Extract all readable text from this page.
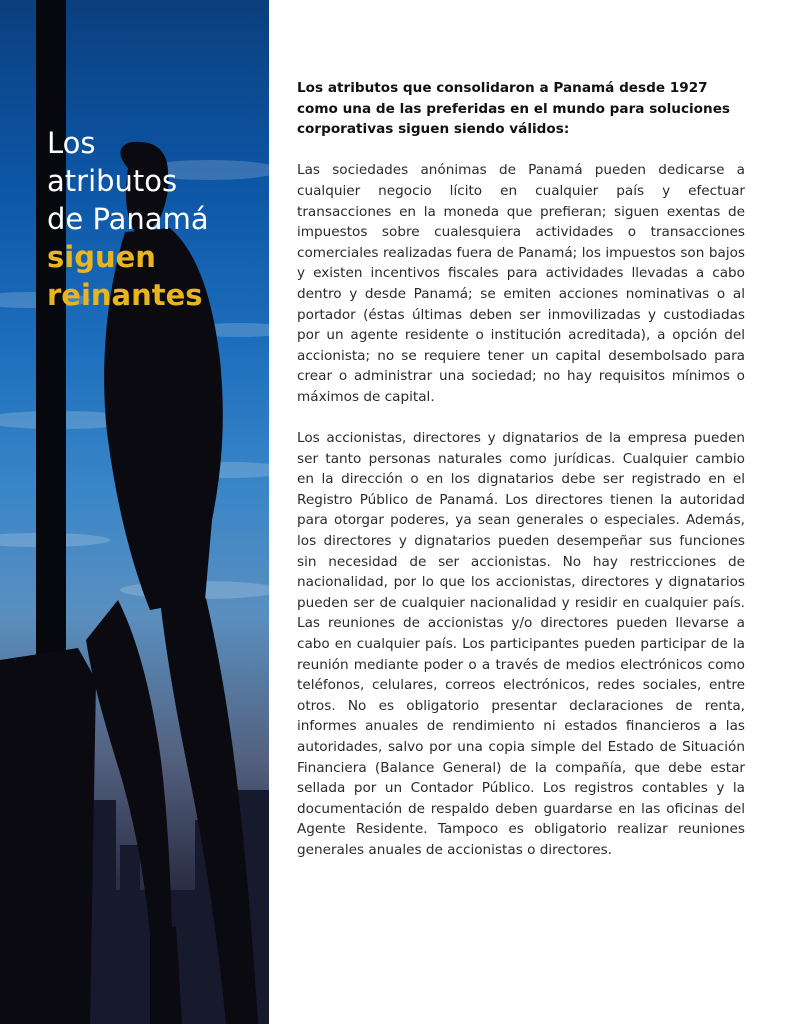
Los
atributos
de Panamá
siguen
reinantes

Los atributos que consolidaron a Panamá desde 1927 como una de las preferidas en el mundo para soluciones corporativas siguen siendo válidos:

Las sociedades anónimas de Panamá pueden dedicarse a cualquier negocio lícito en cualquier país y efectuar transacciones en la moneda que prefieran; siguen exentas de impuestos sobre cualesquiera actividades o transacciones comerciales realizadas fuera de Panamá; los impuestos son bajos y existen incentivos fiscales para actividades llevadas a cabo dentro y desde Panamá; se emiten acciones nominativas o al portador (éstas últimas deben ser inmovilizadas y custodiadas por un agente residente o institución acreditada), a opción del accionista; no se requiere tener un capital desembolsado para crear o administrar una sociedad; no hay requisitos mínimos o máximos de capital.

Los accionistas, directores y dignatarios de la empresa pueden ser tanto personas naturales como jurídicas. Cualquier cambio en la dirección o en los dignatarios debe ser registrado en el Registro Público de Panamá. Los directores tienen la autoridad para otorgar poderes, ya sean generales o especiales. Además, los directores y dignatarios pueden desempeñar sus funciones sin necesidad de ser accionistas. No hay restricciones de nacionalidad, por lo que los accionistas, directores y dignatarios pueden ser de cualquier nacionalidad y residir en cualquier país. Las reuniones de accionistas y/o directores pueden llevarse a cabo en cualquier país. Los participantes pueden participar de la reunión mediante poder o a través de medios electrónicos como teléfonos, celulares, correos electrónicos, redes sociales, entre otros. No es obligatorio presentar declaraciones de renta, informes anuales de rendimiento ni estados financieros a las autoridades, salvo por una copia simple del Estado de Situación Financiera (Balance General) de la compañía, que debe estar sellada por un Contador Público. Los registros contables y la documentación de respaldo deben guardarse en las oficinas del Agente Residente. Tampoco es obligatorio realizar reuniones generales anuales de accionistas o directores.
